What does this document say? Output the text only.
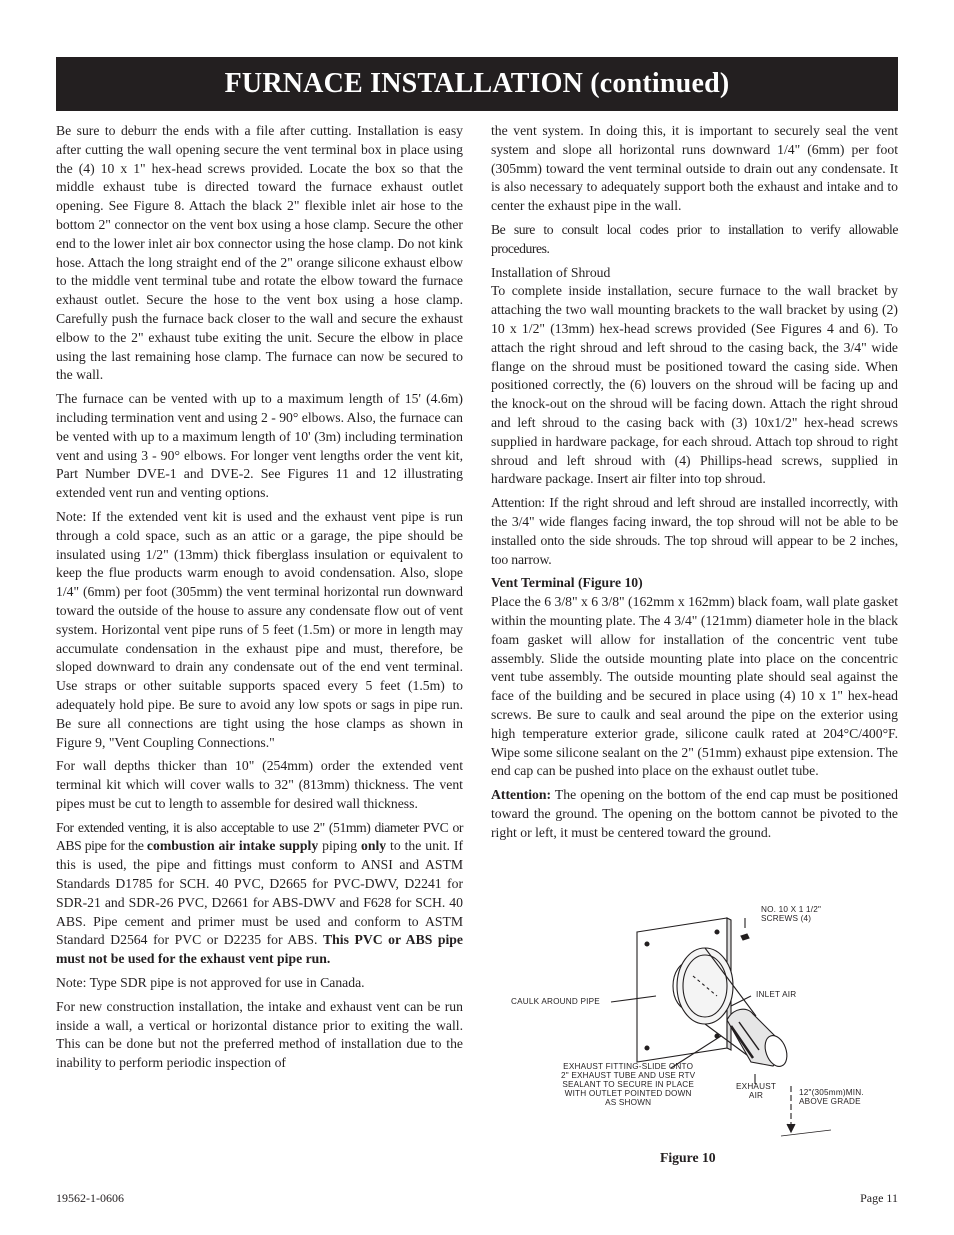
FURNACE INSTALLATION (continued)

Be sure to deburr the ends with a file after cutting. Installation is easy after cutting the wall opening secure the vent terminal box in place using the (4) 10 x 1" hex-head screws provided. Locate the box so that the middle exhaust tube is directed toward the furnace exhaust outlet opening. See Figure 8. Attach the black 2" flexible inlet air hose to the bottom 2" connector on the vent box using a hose clamp. Secure the other end to the lower inlet air box connector using the hose clamp. Do not kink hose. Attach the long straight end of the 2" orange silicone exhaust elbow to the middle vent terminal tube and rotate the elbow toward the furnace exhaust outlet. Secure the hose to the vent box using a hose clamp. Carefully push the furnace back closer to the wall and secure the exhaust elbow to the 2" exhaust tube exiting the unit. Secure the elbow in place using the last remaining hose clamp. The furnace can now be secured to the wall.

The furnace can be vented with up to a maximum length of 15' (4.6m) including termination vent and using 2 - 90° elbows. Also, the furnace can be vented with up to a maximum length of 10' (3m) including termination vent and using 3 - 90° elbows. For longer vent lengths order the vent kit, Part Number DVE-1 and DVE-2. See Figures 11 and 12 illustrating extended vent run and venting options.

Note: If the extended vent kit is used and the exhaust vent pipe is run through a cold space, such as an attic or a garage, the pipe should be insulated using 1/2" (13mm) thick fiberglass insulation or equivalent to keep the flue products warm enough to avoid condensation. Also, slope 1/4" (6mm) per foot (305mm) the vent terminal horizontal run downward toward the outside of the house to assure any condensate flow out of vent system. Horizontal vent pipe runs of 5 feet (1.5m) or more in length may accumulate condensation in the exhaust pipe and must, therefore, be sloped downward to drain any condensate out of the end vent terminal. Use straps or other suitable supports spaced every 5 feet (1.5m) to adequately hold pipe. Be sure to avoid any low spots or sags in pipe run. Be sure all connections are tight using the hose clamps as shown in Figure 9, "Vent Coupling Connections."

For wall depths thicker than 10" (254mm) order the extended vent terminal kit which will cover walls to 32" (813mm) thickness. The vent pipes must be cut to length to assemble for desired wall thickness.

For extended venting, it is also acceptable to use 2" (51mm) diameter PVC or ABS pipe for the combustion air intake supply piping only to the unit. If this is used, the pipe and fittings must conform to ANSI and ASTM Standards D1785 for SCH. 40 PVC, D2665 for PVC-DWV, D2241 for SDR-21 and SDR-26 PVC, D2661 for ABS-DWV and F628 for SCH. 40 ABS. Pipe cement and primer must be used and conform to ASTM Standard D2564 for PVC or D2235 for ABS. This PVC or ABS pipe must not be used for the exhaust vent pipe run.

Note: Type SDR pipe is not approved for use in Canada.

For new construction installation, the intake and exhaust vent can be run inside a wall, a vertical or horizontal distance prior to exiting the wall. This can be done but not the preferred method of installation due to the inability to perform periodic inspection of

the vent system. In doing this, it is important to securely seal the vent system and slope all horizontal runs downward 1/4" (6mm) per foot (305mm) toward the vent terminal outside to drain out any condensate. It is also necessary to adequately support both the exhaust and intake and to center the exhaust pipe in the wall.

Be sure to consult local codes prior to installation to verify allowable procedures.

Installation of Shroud

To complete inside installation, secure furnace to the wall bracket by attaching the two wall mounting brackets to the wall bracket by using (2) 10 x 1/2" (13mm) hex-head screws provided (See Figures 4 and 6). To attach the right shroud and left shroud to the casing back, the 3/4" wide flange on the shroud must be positioned toward the casing side. When positioned correctly, the (6) louvers on the shroud will be facing up and the knock-out on the shroud will be facing down. Attach the right shroud and left shroud to the casing back with (3) 10x1/2" hex-head screws supplied in hardware package, for each shroud. Attach top shroud to right shroud and left shroud with (4) Phillips-head screws, supplied in hardware package. Insert air filter into top shroud.

Attention: If the right shroud and left shroud are installed incorrectly, with the 3/4" wide flanges facing inward, the top shroud will not be able to be installed onto the side shrouds. The top shroud will appear to be 2 inches, too narrow.

Vent Terminal (Figure 10)

Place the 6 3/8" x 6 3/8" (162mm x 162mm) black foam, wall plate gasket within the mounting plate. The 4 3/4" (121mm) diameter hole in the black foam gasket will allow for installation of the concentric vent tube assembly. Slide the outside mounting plate into place on the concentric vent tube assembly. The outside mounting plate should seal against the face of the building and be secured in place using (4) 10 x 1" hex-head screws. Be sure to caulk and seal around the pipe on the exterior using high temperature exterior grade, silicone caulk rated at 204°C/400°F. Wipe some silicone sealant on the 2" (51mm) exhaust pipe extension. The end cap can be pushed into place on the exhaust outlet tube.

Attention: The opening on the bottom of the end cap must be positioned toward the ground. The opening on the bottom cannot be pivoted to the right or left, it must be centered toward the ground.

NO. 10 X 1 1/2"
SCREWS (4)
INLET AIR
CAULK AROUND PIPE
EXHAUST FITTING-SLIDE ONTO
2" EXHAUST TUBE AND USE RTV
SEALANT TO SECURE IN PLACE
WITH OUTLET POINTED DOWN
AS SHOWN
EXHAUST
AIR	12"(305mm)MIN.
ABOVE GRADE
Figure 10
19562-1-0606	Page 11
